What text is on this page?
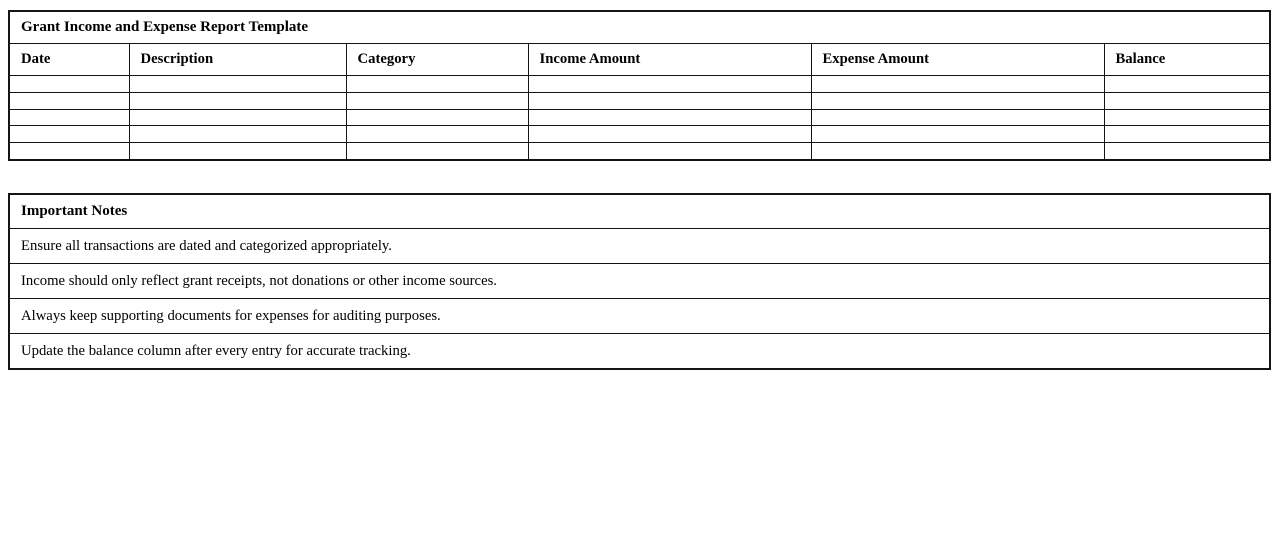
Grant Income and Expense Report Template					
Date	Description	Category	Income Amount	Expense Amount	Balance

Important Notes
Ensure all transactions are dated and categorized appropriately.
Income should only reflect grant receipts, not donations or other income sources.
Always keep supporting documents for expenses for auditing purposes.
Update the balance column after every entry for accurate tracking.
